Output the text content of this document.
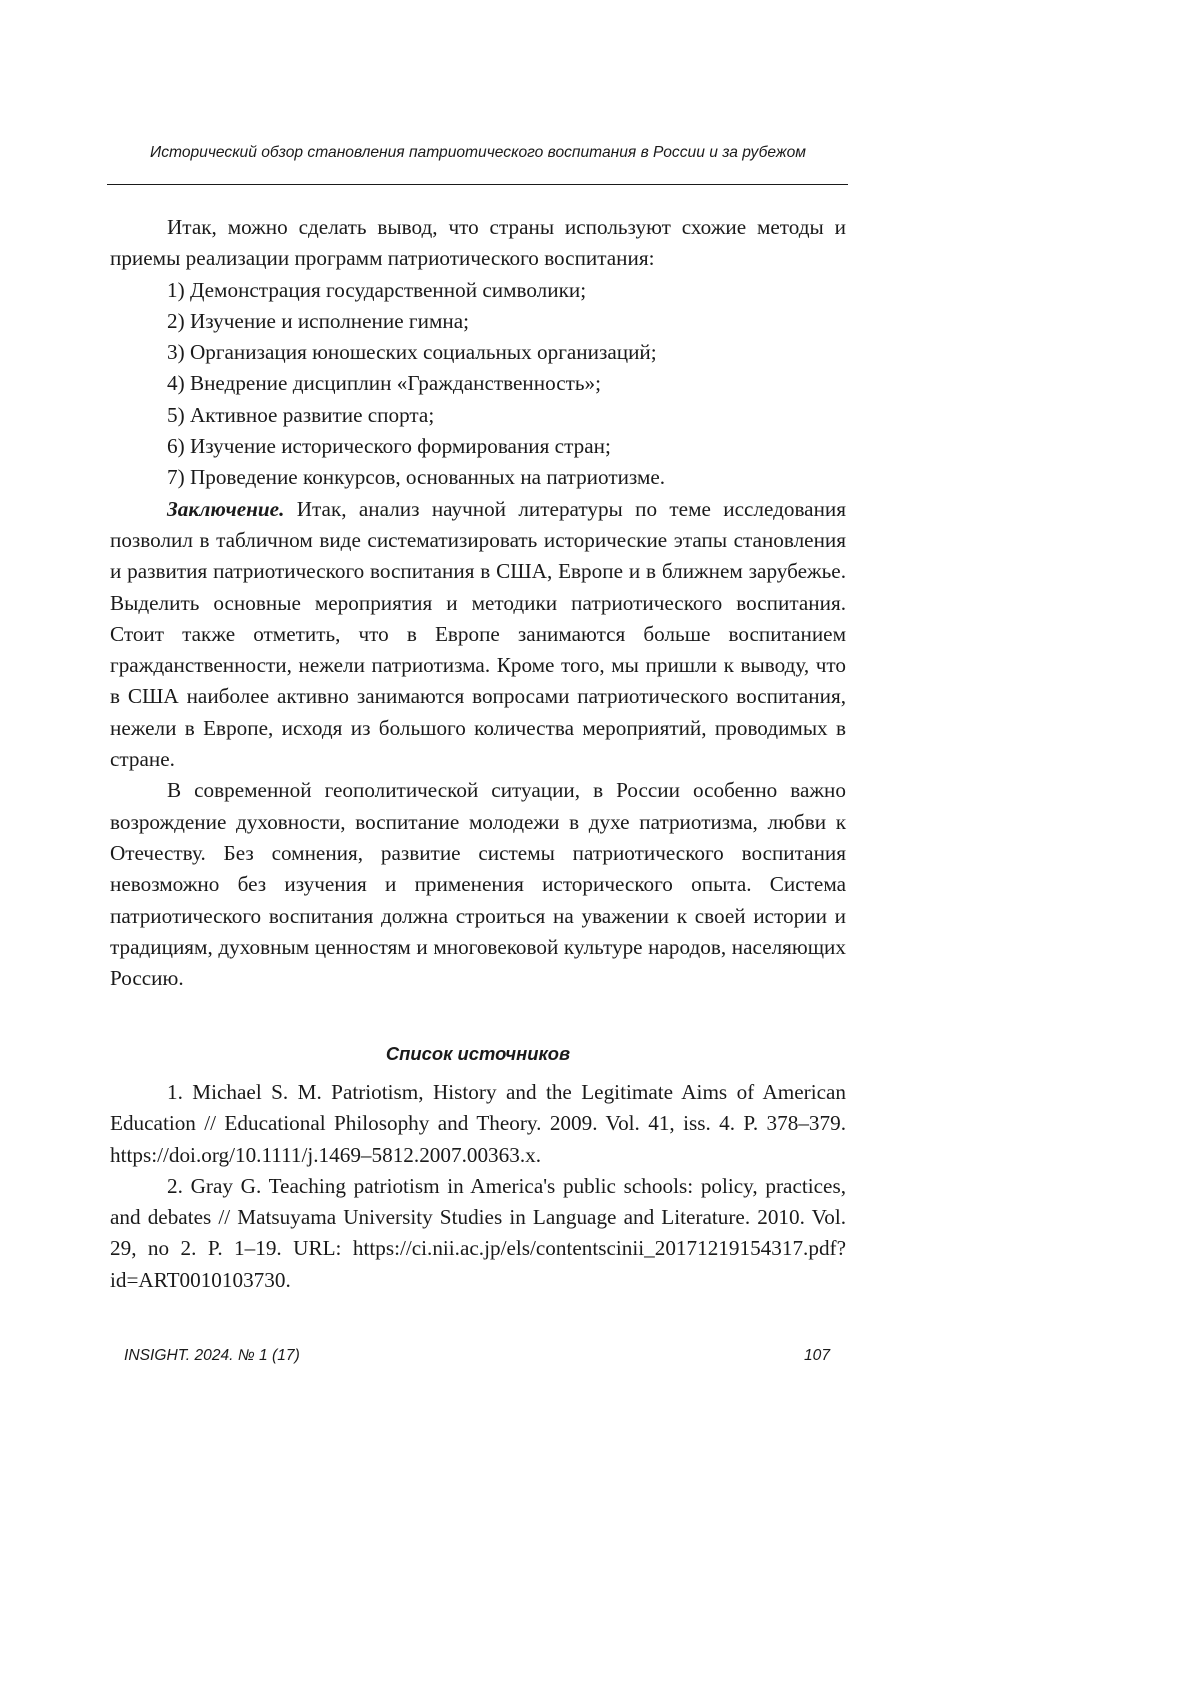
Исторический обзор становления патриотического воспитания в России и за рубежом

Итак, можно сделать вывод, что страны используют схожие методы и приемы реализации программ патриотического воспитания:

1) Демонстрация государственной символики;

2) Изучение и исполнение гимна;

3) Организация юношеских социальных организаций;

4) Внедрение дисциплин «Гражданственность»;

5) Активное развитие спорта;

6) Изучение исторического формирования стран;

7) Проведение конкурсов, основанных на патриотизме.

Заключение. Итак, анализ научной литературы по теме исследования позволил в табличном виде систематизировать исторические этапы становления и развития патриотического воспитания в США, Европе и в ближнем зарубежье. Выделить основные мероприятия и методики патриотического воспитания. Стоит также отметить, что в Европе занимаются больше воспитанием гражданственности, нежели патриотизма. Кроме того, мы пришли к выводу, что в США наиболее активно занимаются вопросами патриотического воспитания, нежели в Европе, исходя из большого количества мероприятий, проводимых в стране.

В современной геополитической ситуации, в России особенно важно возрождение духовности, воспитание молодежи в духе патриотизма, любви к Отечеству. Без сомнения, развитие системы патриотического воспитания невозможно без изучения и применения исторического опыта. Система патриотического воспитания должна строиться на уважении к своей истории и традициям, духовным ценностям и многовековой культуре народов, населяющих Россию.

Список источников

1. Michael S. M. Patriotism, History and the Legitimate Aims of American Education // Educational Philosophy and Theory. 2009. Vol. 41, iss. 4. P. 378‒379. https://doi.org/10.1111/j.1469–5812.2007.00363.x.

2. Gray G. Teaching patriotism in America's public schools: policy, practices, and debates // Matsuyama University Studies in Language and Literature. 2010. Vol. 29, no 2. P. 1‒19. URL: https://ci.nii.ac.jp/els/contentscinii_20171219154317.pdf? id=ART0010103730.

INSIGHT. 2024. № 1 (17)	107
